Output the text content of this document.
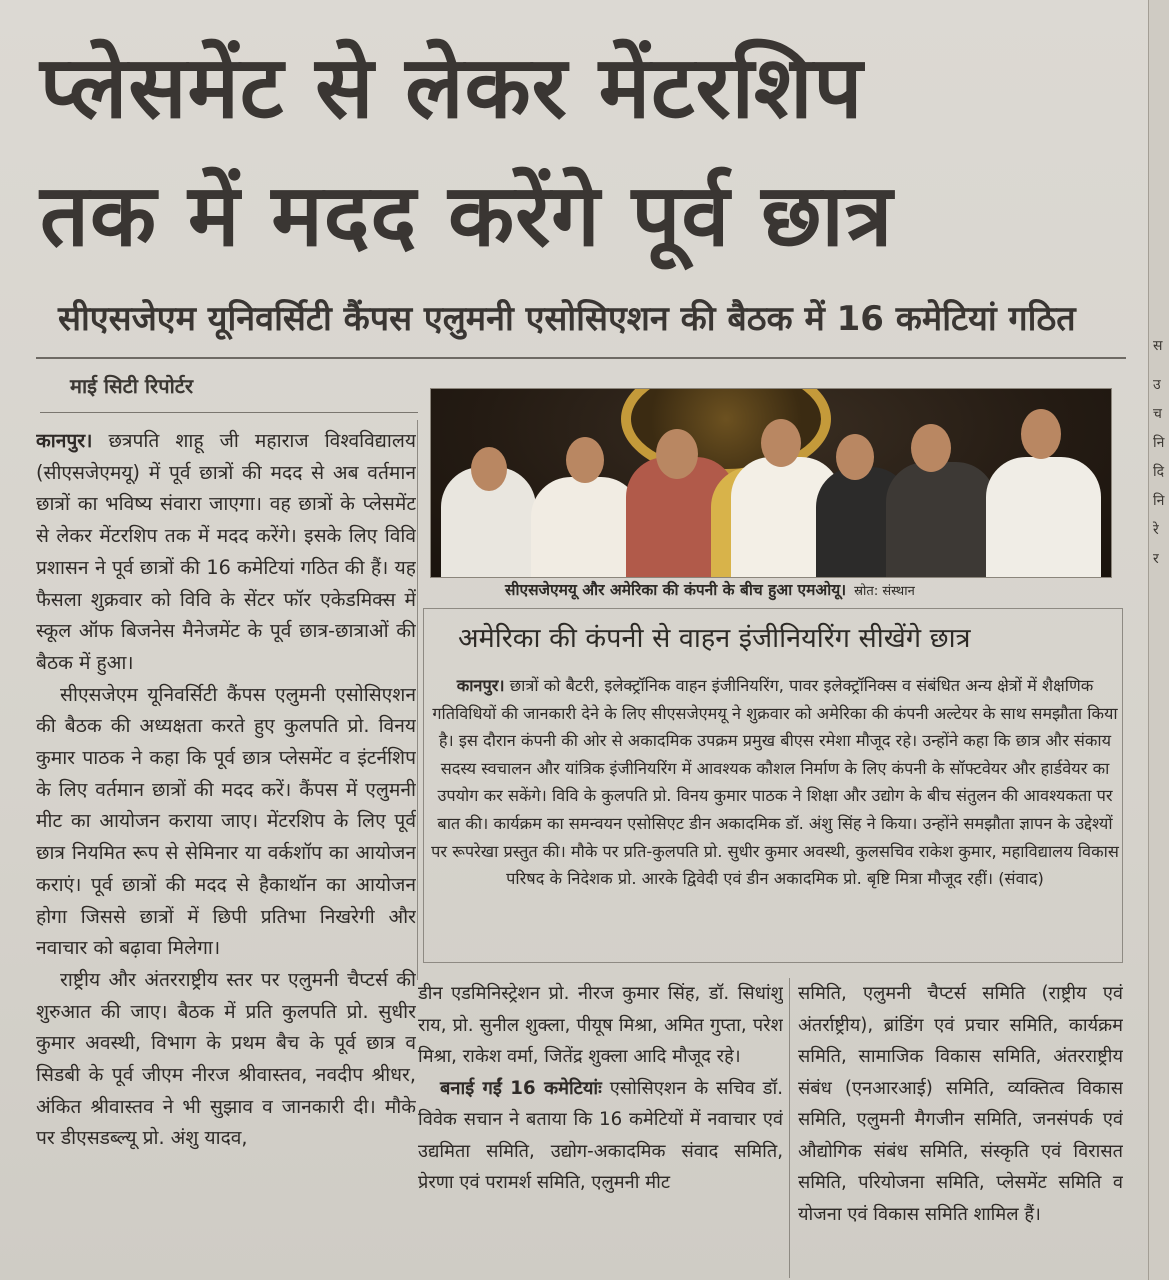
प्लेसमेंट से लेकर मेंटरशिप
तक में मदद करेंगे पूर्व छात्र
सीएसजेएम यूनिवर्सिटी कैंपस एलुमनी एसोसिएशन की बैठक में 16 कमेटियां गठित
माई सिटी रिपोर्टर

कानपुर। छत्रपति शाहू जी महाराज विश्वविद्यालय (सीएसजेएमयू) में पूर्व छात्रों की मदद से अब वर्तमान छात्रों का भविष्य संवारा जाएगा। वह छात्रों के प्लेसमेंट से लेकर मेंटरशिप तक में मदद करेंगे। इसके लिए विवि प्रशासन ने पूर्व छात्रों की 16 कमेटियां गठित की हैं। यह फैसला शुक्रवार को विवि के सेंटर फॉर एकेडमिक्स में स्कूल ऑफ बिजनेस मैनेजमेंट के पूर्व छात्र-छात्राओं की बैठक में हुआ।

सीएसजेएम यूनिवर्सिटी कैंपस एलुमनी एसोसिएशन की बैठक की अध्यक्षता करते हुए कुलपति प्रो. विनय कुमार पाठक ने कहा कि पूर्व छात्र प्लेसमेंट व इंटर्नशिप के लिए वर्तमान छात्रों की मदद करें। कैंपस में एलुमनी मीट का आयोजन कराया जाए। मेंटरशिप के लिए पूर्व छात्र नियमित रूप से सेमिनार या वर्कशॉप का आयोजन कराएं। पूर्व छात्रों की मदद से हैकाथॉन का आयोजन होगा जिससे छात्रों में छिपी प्रतिभा निखरेगी और नवाचार को बढ़ावा मिलेगा।

राष्ट्रीय और अंतरराष्ट्रीय स्तर पर एलुमनी चैप्टर्स की शुरुआत की जाए। बैठक में प्रति कुलपति प्रो. सुधीर कुमार अवस्थी, विभाग के प्रथम बैच के पूर्व छात्र व सिडबी के पूर्व जीएम नीरज श्रीवास्तव, नवदीप श्रीधर, अंकित श्रीवास्तव ने भी सुझाव व जानकारी दी। मौके पर डीएसडब्ल्यू प्रो. अंशु यादव,

सीएसजेएमयू और अमेरिका की कंपनी के बीच हुआ एमओयू। स्रोत: संस्थान
अमेरिका की कंपनी से वाहन इंजीनियरिंग सीखेंगे छात्र
कानपुर। छात्रों को बैटरी, इलेक्ट्रॉनिक वाहन इंजीनियरिंग, पावर इलेक्ट्रॉनिक्स व संबंधित अन्य क्षेत्रों में शैक्षणिक गतिविधियों की जानकारी देने के लिए सीएसजेएमयू ने शुक्रवार को अमेरिका की कंपनी अल्टेयर के साथ समझौता किया है। इस दौरान कंपनी की ओर से अकादमिक उपक्रम प्रमुख बीएस रमेशा मौजूद रहे। उन्होंने कहा कि छात्र और संकाय सदस्य स्वचालन और यांत्रिक इंजीनियरिंग में आवश्यक कौशल निर्माण के लिए कंपनी के सॉफ्टवेयर और हार्डवेयर का उपयोग कर सकेंगे। विवि के कुलपति प्रो. विनय कुमार पाठक ने शिक्षा और उद्योग के बीच संतुलन की आवश्यकता पर बात की। कार्यक्रम का समन्वयन एसोसिएट डीन अकादमिक डॉ. अंशु सिंह ने किया। उन्होंने समझौता ज्ञापन के उद्देश्यों पर रूपरेखा प्रस्तुत की। मौके पर प्रति-कुलपति प्रो. सुधीर कुमार अवस्थी, कुलसचिव राकेश कुमार, महाविद्यालय विकास परिषद के निदेशक प्रो. आरके द्विवेदी एवं डीन अकादमिक प्रो. बृष्टि मित्रा मौजूद रहीं। (संवाद)

डीन एडमिनिस्ट्रेशन प्रो. नीरज कुमार सिंह, डॉ. सिधांशु राय, प्रो. सुनील शुक्ला, पीयूष मिश्रा, अमित गुप्ता, परेश मिश्रा, राकेश वर्मा, जितेंद्र शुक्ला आदि मौजूद रहे।

बनाई गईं 16 कमेटियांः एसोसिएशन के सचिव डॉ. विवेक सचान ने बताया कि 16 कमेटियों में नवाचार एवं उद्यमिता समिति, उद्योग-अकादमिक संवाद समिति, प्रेरणा एवं परामर्श समिति, एलुमनी मीट

समिति, एलुमनी चैप्टर्स समिति (राष्ट्रीय एवं अंतर्राष्ट्रीय), ब्रांडिंग एवं प्रचार समिति, कार्यक्रम समिति, सामाजिक विकास समिति, अंतरराष्ट्रीय संबंध (एनआरआई) समिति, व्यक्तित्व विकास समिति, एलुमनी मैगजीन समिति, जनसंपर्क एवं औद्योगिक संबंध समिति, संस्कृति एवं विरासत समिति, परियोजना समिति, प्लेसमेंट समिति व योजना एवं विकास समिति शामिल हैं।

स
उ
च
नि
दि
नि
रे
र
